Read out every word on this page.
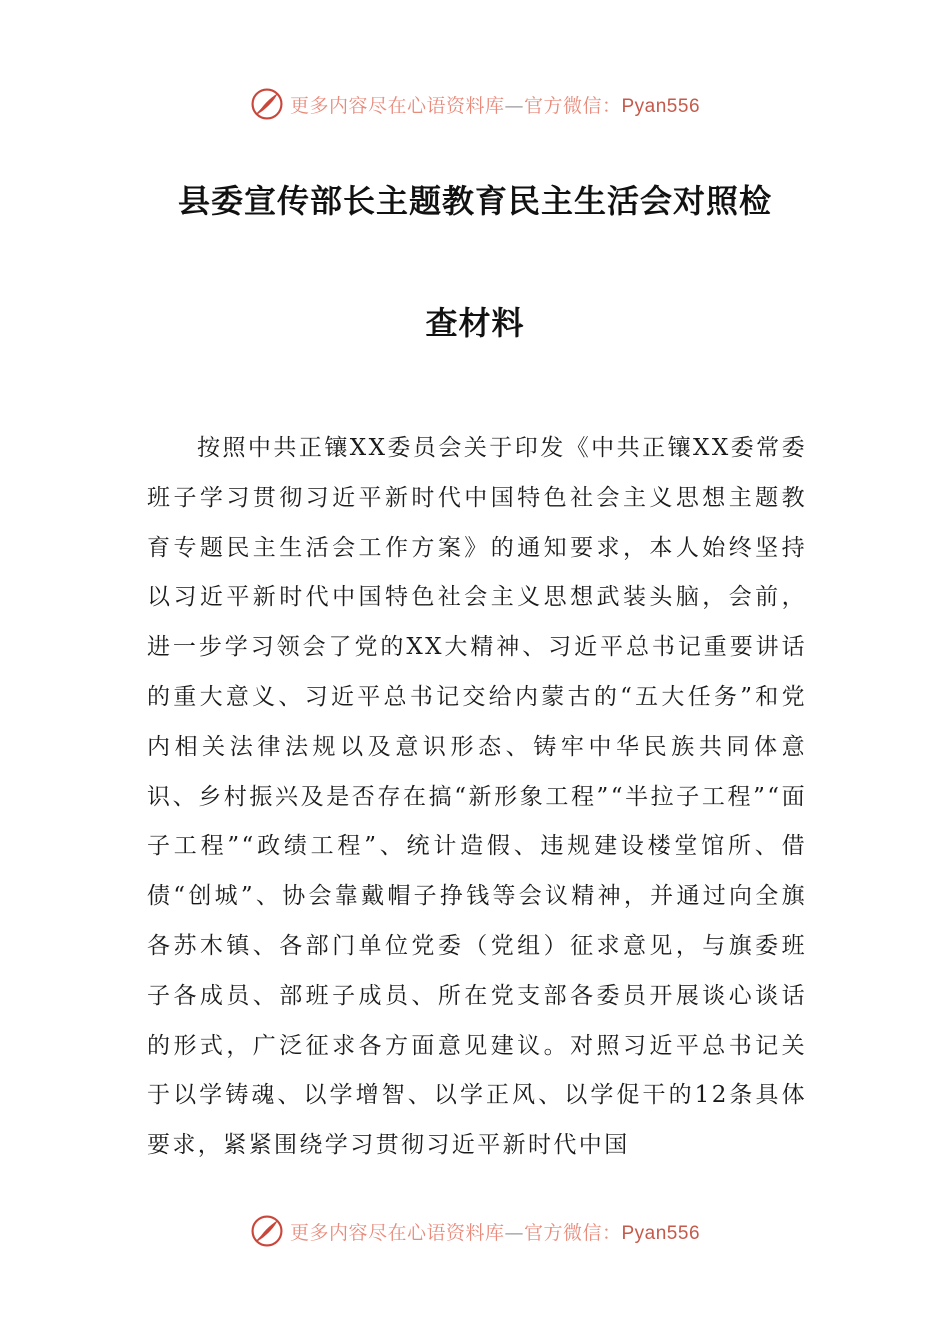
更多内容尽在心语资料库—官方微信：Pyan556
县委宣传部长主题教育民主生活会对照检
查材料

按照中共正镶XX委员会关于印发《中共正镶XX委常委班子学习贯彻习近平新时代中国特色社会主义思想主题教育专题民主生活会工作方案》的通知要求，本人始终坚持以习近平新时代中国特色社会主义思想武装头脑，会前，进一步学习领会了党的XX大精神、习近平总书记重要讲话的重大意义、习近平总书记交给内蒙古的“五大任务”和党内相关法律法规以及意识形态、铸牢中华民族共同体意识、乡村振兴及是否存在搞“新形象工程”“半拉子工程”“面子工程”“政绩工程”、统计造假、违规建设楼堂馆所、借债“创城”、协会靠戴帽子挣钱等会议精神，并通过向全旗各苏木镇、各部门单位党委（党组）征求意见，与旗委班子各成员、部班子成员、所在党支部各委员开展谈心谈话的形式，广泛征求各方面意见建议。对照习近平总书记关于以学铸魂、以学增智、以学正风、以学促干的12条具体要求，紧紧围绕学习贯彻习近平新时代中国

更多内容尽在心语资料库—官方微信：Pyan556
